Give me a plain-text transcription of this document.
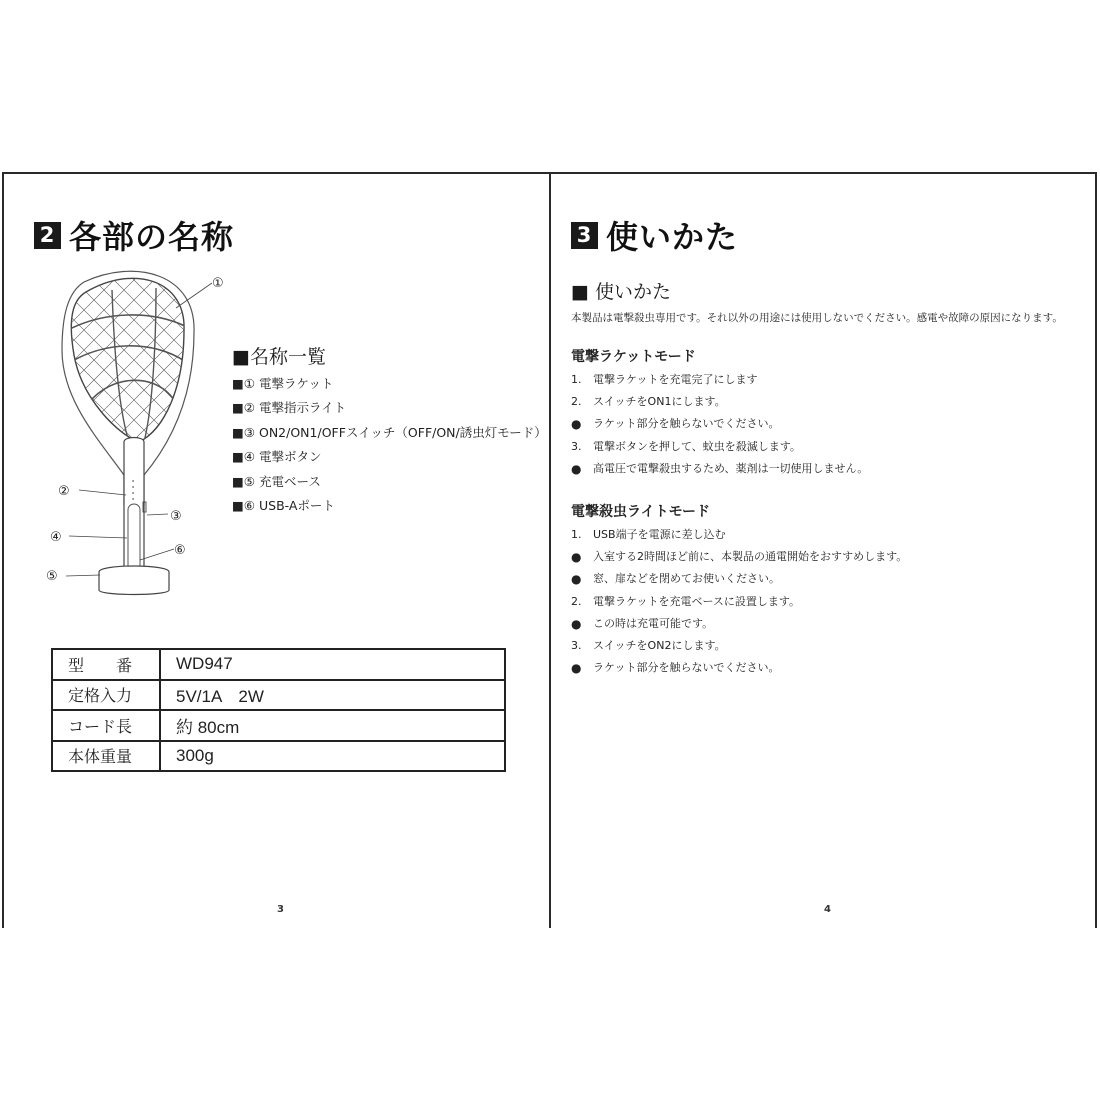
2 各部の名称
①
②
③
④
⑥
⑤
■名称一覧
■① 電撃ラケット
■② 電撃指示ライト
■③ ON2/ON1/OFFスイッチ（OFF/ON/誘虫灯モード）
■④ 電撃ボタン
■⑤ 充電ベース
■⑥ USB-Aポート
型　　番	WD947
定格入力	5V/1A　2W
コード長	約 80cm
本体重量	300g
3
3 使いかた
■ 使いかた
本製品は電撃殺虫専用です。それ以外の用途には使用しないでください。感電や故障の原因になります。
電撃ラケットモード
1.	電撃ラケットを充電完了にします
2.	スイッチをON1にします。
●	ラケット部分を触らないでください。
3.	電撃ボタンを押して、蚊虫を殺滅します。
●	高電圧で電撃殺虫するため、薬剤は一切使用しません。
電撃殺虫ライトモード
1.	USB端子を電源に差し込む
●	入室する2時間ほど前に、本製品の通電開始をおすすめします。
●	窓、扉などを閉めてお使いください。
2.	電撃ラケットを充電ベースに設置します。
●	この時は充電可能です。
3.	スイッチをON2にします。
●	ラケット部分を触らないでください。
4
